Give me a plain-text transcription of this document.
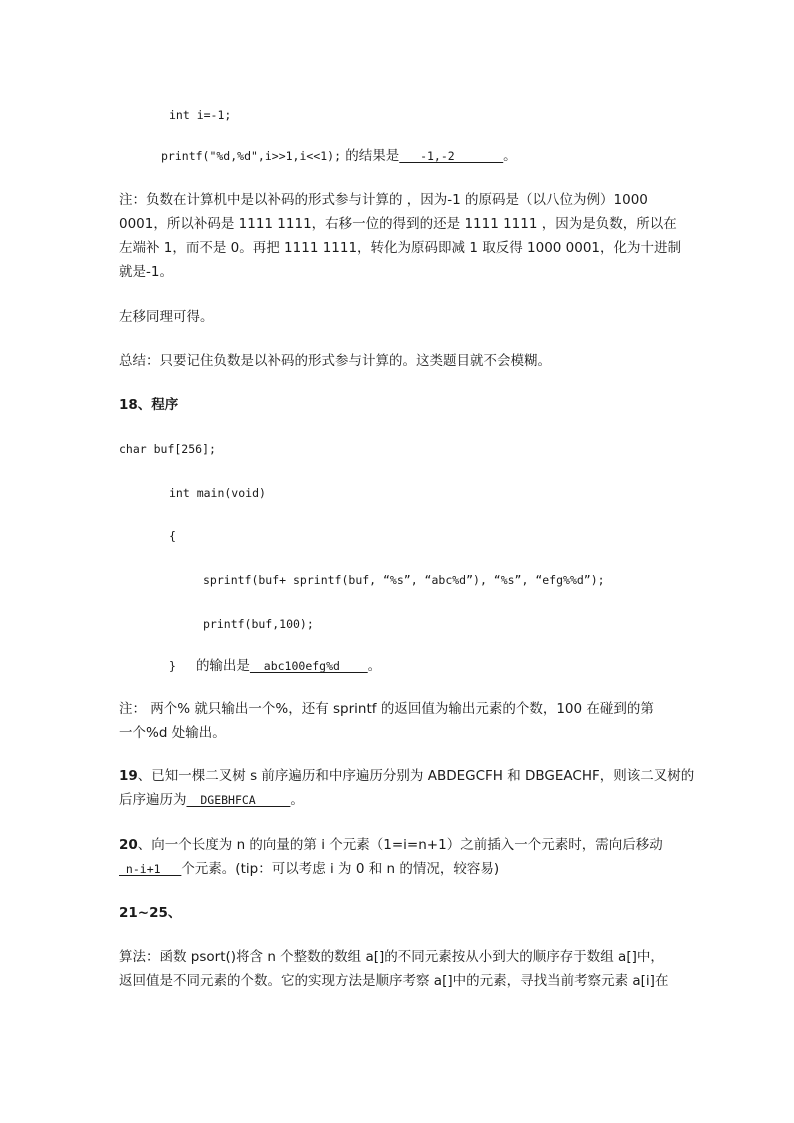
int i=-1;
printf("%d,%d",i>>1,i<<1); 的结果是___-1,-2_______。
注：负数在计算机中是以补码的形式参与计算的 ，因为-1 的原码是（以八位为例）1000
0001，所以补码是 1111 1111，右移一位的得到的还是 1111 1111 ，因为是负数，所以在
左端补 1，而不是 0。再把 1111 1111，转化为原码即减 1 取反得 1000 0001，化为十进制
就是-1。
左移同理可得。
总结：只要记住负数是以补码的形式参与计算的。这类题目就不会模糊。
18、程序
char buf[256];
int main(void)
{
sprintf(buf+ sprintf(buf, “%s”, “abc%d”), “%s”, “efg%%d”);
printf(buf,100);
} 的输出是__abc100efg%d____。
注： 两个% 就只输出一个%，还有 sprintf 的返回值为输出元素的个数，100 在碰到的第
一个%d 处输出。
19、已知一棵二叉树 s 前序遍历和中序遍历分别为 ABDEGCFH 和 DBGEACHF，则该二叉树的
后序遍历为__DGEBHFCA_____。
20、向一个长度为 n 的向量的第 i 个元素（1=i=n+1）之前插入一个元素时，需向后移动
_n-i+1___个元素。(tip：可以考虑 i 为 0 和 n 的情况，较容易)
21~25、
算法：函数 psort()将含 n 个整数的数组 a[]的不同元素按从小到大的顺序存于数组 a[]中，
返回值是不同元素的个数。它的实现方法是顺序考察 a[]中的元素，寻找当前考察元素 a[i]在
